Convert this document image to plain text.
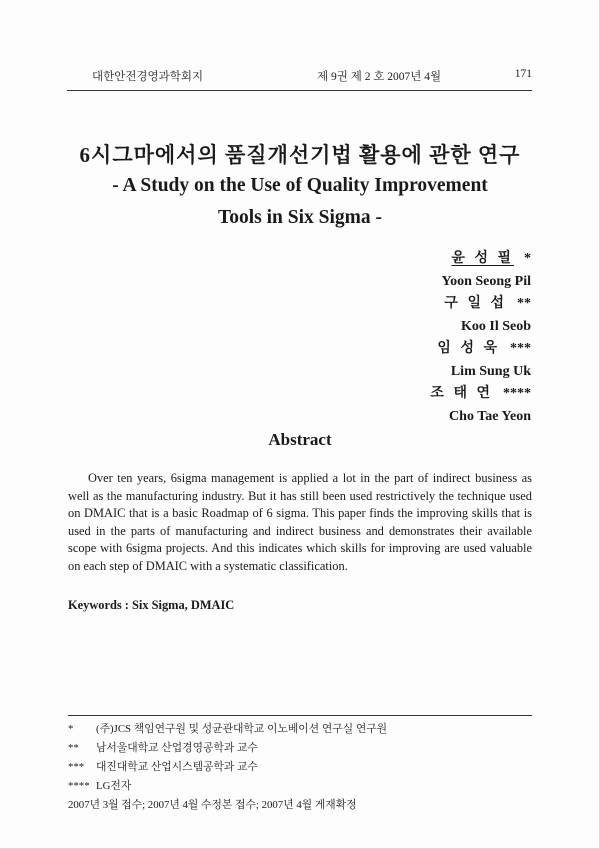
대한안전경영과학회지	제 9권 제 2 호 2007년 4월	171
6시그마에서의 품질개선기법 활용에 관한 연구
- A Study on the Use of Quality Improvement
Tools in Six Sigma -
윤 성 필 *
Yoon Seong Pil
구 일 섭 **
Koo Il Seob
임 성 욱 ***
Lim Sung Uk
조 태 연 ****
Cho Tae Yeon
Abstract

Over ten years, 6sigma management is applied a lot in the part of indirect business as well as the manufacturing industry. But it has still been used restrictively the technique used on DMAIC that is a basic Roadmap of 6 sigma. This paper finds the improving skills that is used in the parts of manufacturing and indirect business and demonstrates their available scope with 6sigma projects. And this indicates which skills for improving are used valuable on each step of DMAIC with a systematic classification.

Keywords : Six Sigma, DMAIC
* (주)JCS 책임연구원 및 성균관대학교 이노베이션 연구실 연구원
** 남서울대학교 산업경영공학과 교수
*** 대진대학교 산업시스템공학과 교수
**** LG전자
2007년 3월 접수; 2007년 4월 수정본 접수; 2007년 4월 게재확정
